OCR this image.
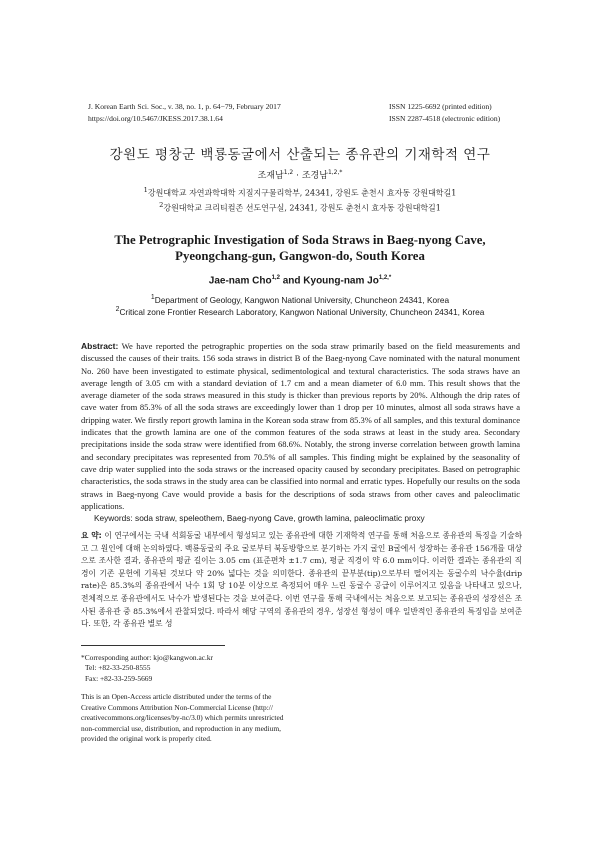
J. Korean Earth Sci. Soc., v. 38, no. 1, p. 64−79, February 2017
https://doi.org/10.5467/JKESS.2017.38.1.64
ISSN 1225-6692 (printed edition)
ISSN 2287-4518 (electronic edition)
강원도 평창군 백룡동굴에서 산출되는 종유관의 기재학적 연구
조재남$^{1,2}$ · 조경남$^{1,2,*}$
$^1$강원대학교 자연과학대학 지질지구물리학부, 24341, 강원도 춘천시 효자동 강원대학길1
$^2$강원대학교 크리티컬존 선도연구실, 24341, 강원도 춘천시 효자동 강원대학길1
The Petrographic Investigation of Soda Straws in Baeg-nyong Cave,
Pyeongchang-gun, Gangwon-do, South Korea
Jae-nam Cho$^{1,2}$ and Kyoung-nam $Jo^{1,2,*}$
$^1$Department of Geology, Kangwon National University, Chuncheon 24341, Korea
$^2$Critical zone Frontier Research Laboratory, Kangwon National University, Chuncheon 24341, Korea
Abstract: We have reported the petrographic properties on the soda straw primarily based on the field measurements and discussed the causes of their traits. 156 soda straws in district B of the Baeg-nyong Cave nominated with the natural monument No. 260 have been investigated to estimate physical, sedimentological and textural characteristics. The soda straws have an average length of 3.05 cm with a standard deviation of 1.7 cm and a mean diameter of 6.0 mm. This result shows that the average diameter of the soda straws measured in this study is thicker than previous reports by 20%. Although the drip rates of cave water from 85.3% of all the soda straws are exceedingly lower than 1 drop per 10 minutes, almost all soda straws have a dripping water. We firstly report growth lamina in the Korean soda straw from 85.3% of all samples, and this textural dominance indicates that the growth lamina are one of the common features of the soda straws at least in the study area. Secondary precipitations inside the soda straw were identified from 68.6%. Notably, the strong inverse correlation between growth lamina and secondary precipitates was represented from 70.5% of all samples. This finding might be explained by the seasonality of cave drip water supplied into the soda straws or the increased opacity caused by secondary precipitates. Based on petrographic characteristics, the soda straws in the study area can be classified into normal and erratic types. Hopefully our results on the soda straws in Baeg-nyong Cave would provide a basis for the descriptions of soda straws from other caves and paleoclimatic applications.
Keywords: soda straw, speleothem, Baeg-nyong Cave, growth lamina, paleoclimatic proxy
요 약: 이 연구에서는 국내 석회동굴 내부에서 형성되고 있는 종유관에 대한 기재학적 연구를 통해 처음으로 종유관의 특징을 기술하고 그 원인에 대해 논의하였다. 백룡동굴의 주요 굴로부터 북동방향으로 분기하는 가지 굴인 B굴에서 성장하는 종유관 156개를 대상으로 조사한 결과, 종유관의 평균 길이는 3.05 cm (표준편차 ±1.7 cm), 평균 직경이 약 6.0 mm이다. 이러한 결과는 종유관의 직경이 기존 문헌에 기록된 것보다 약 20% 넓다는 것을 의미한다. 종유관의 끝부분(tip)으로부터 떨어지는 동굴수의 낙수율(drip rate)은 85.3%의 종유관에서 낙수 1회 당 10분 이상으로 측정되어 매우 느린 동굴수 공급이 이루어지고 있음을 나타내고 있으나, 전체적으로 종유관에서도 낙수가 발생된다는 것을 보여준다. 이번 연구를 통해 국내에서는 처음으로 보고되는 종유관의 성장선은 조사된 종유관 중 85.3%에서 관찰되었다. 따라서 해당 구역의 종유관의 경우, 성장선 형성이 매우 일반적인 종유관의 특징임을 보여준다. 또한, 각 종유관 별로 성
*Corresponding author: kjo@kangwon.ac.kr
Tel: +82-33-250-8555
Fax: +82-33-259-5669
This is an Open-Access article distributed under the terms of the
Creative Commons Attribution Non-Commercial License (http://
creativecommons.org/licenses/by-nc/3.0) which permits unrestricted
non-commercial use, distribution, and reproduction in any medium,
provided the original work is properly cited.
